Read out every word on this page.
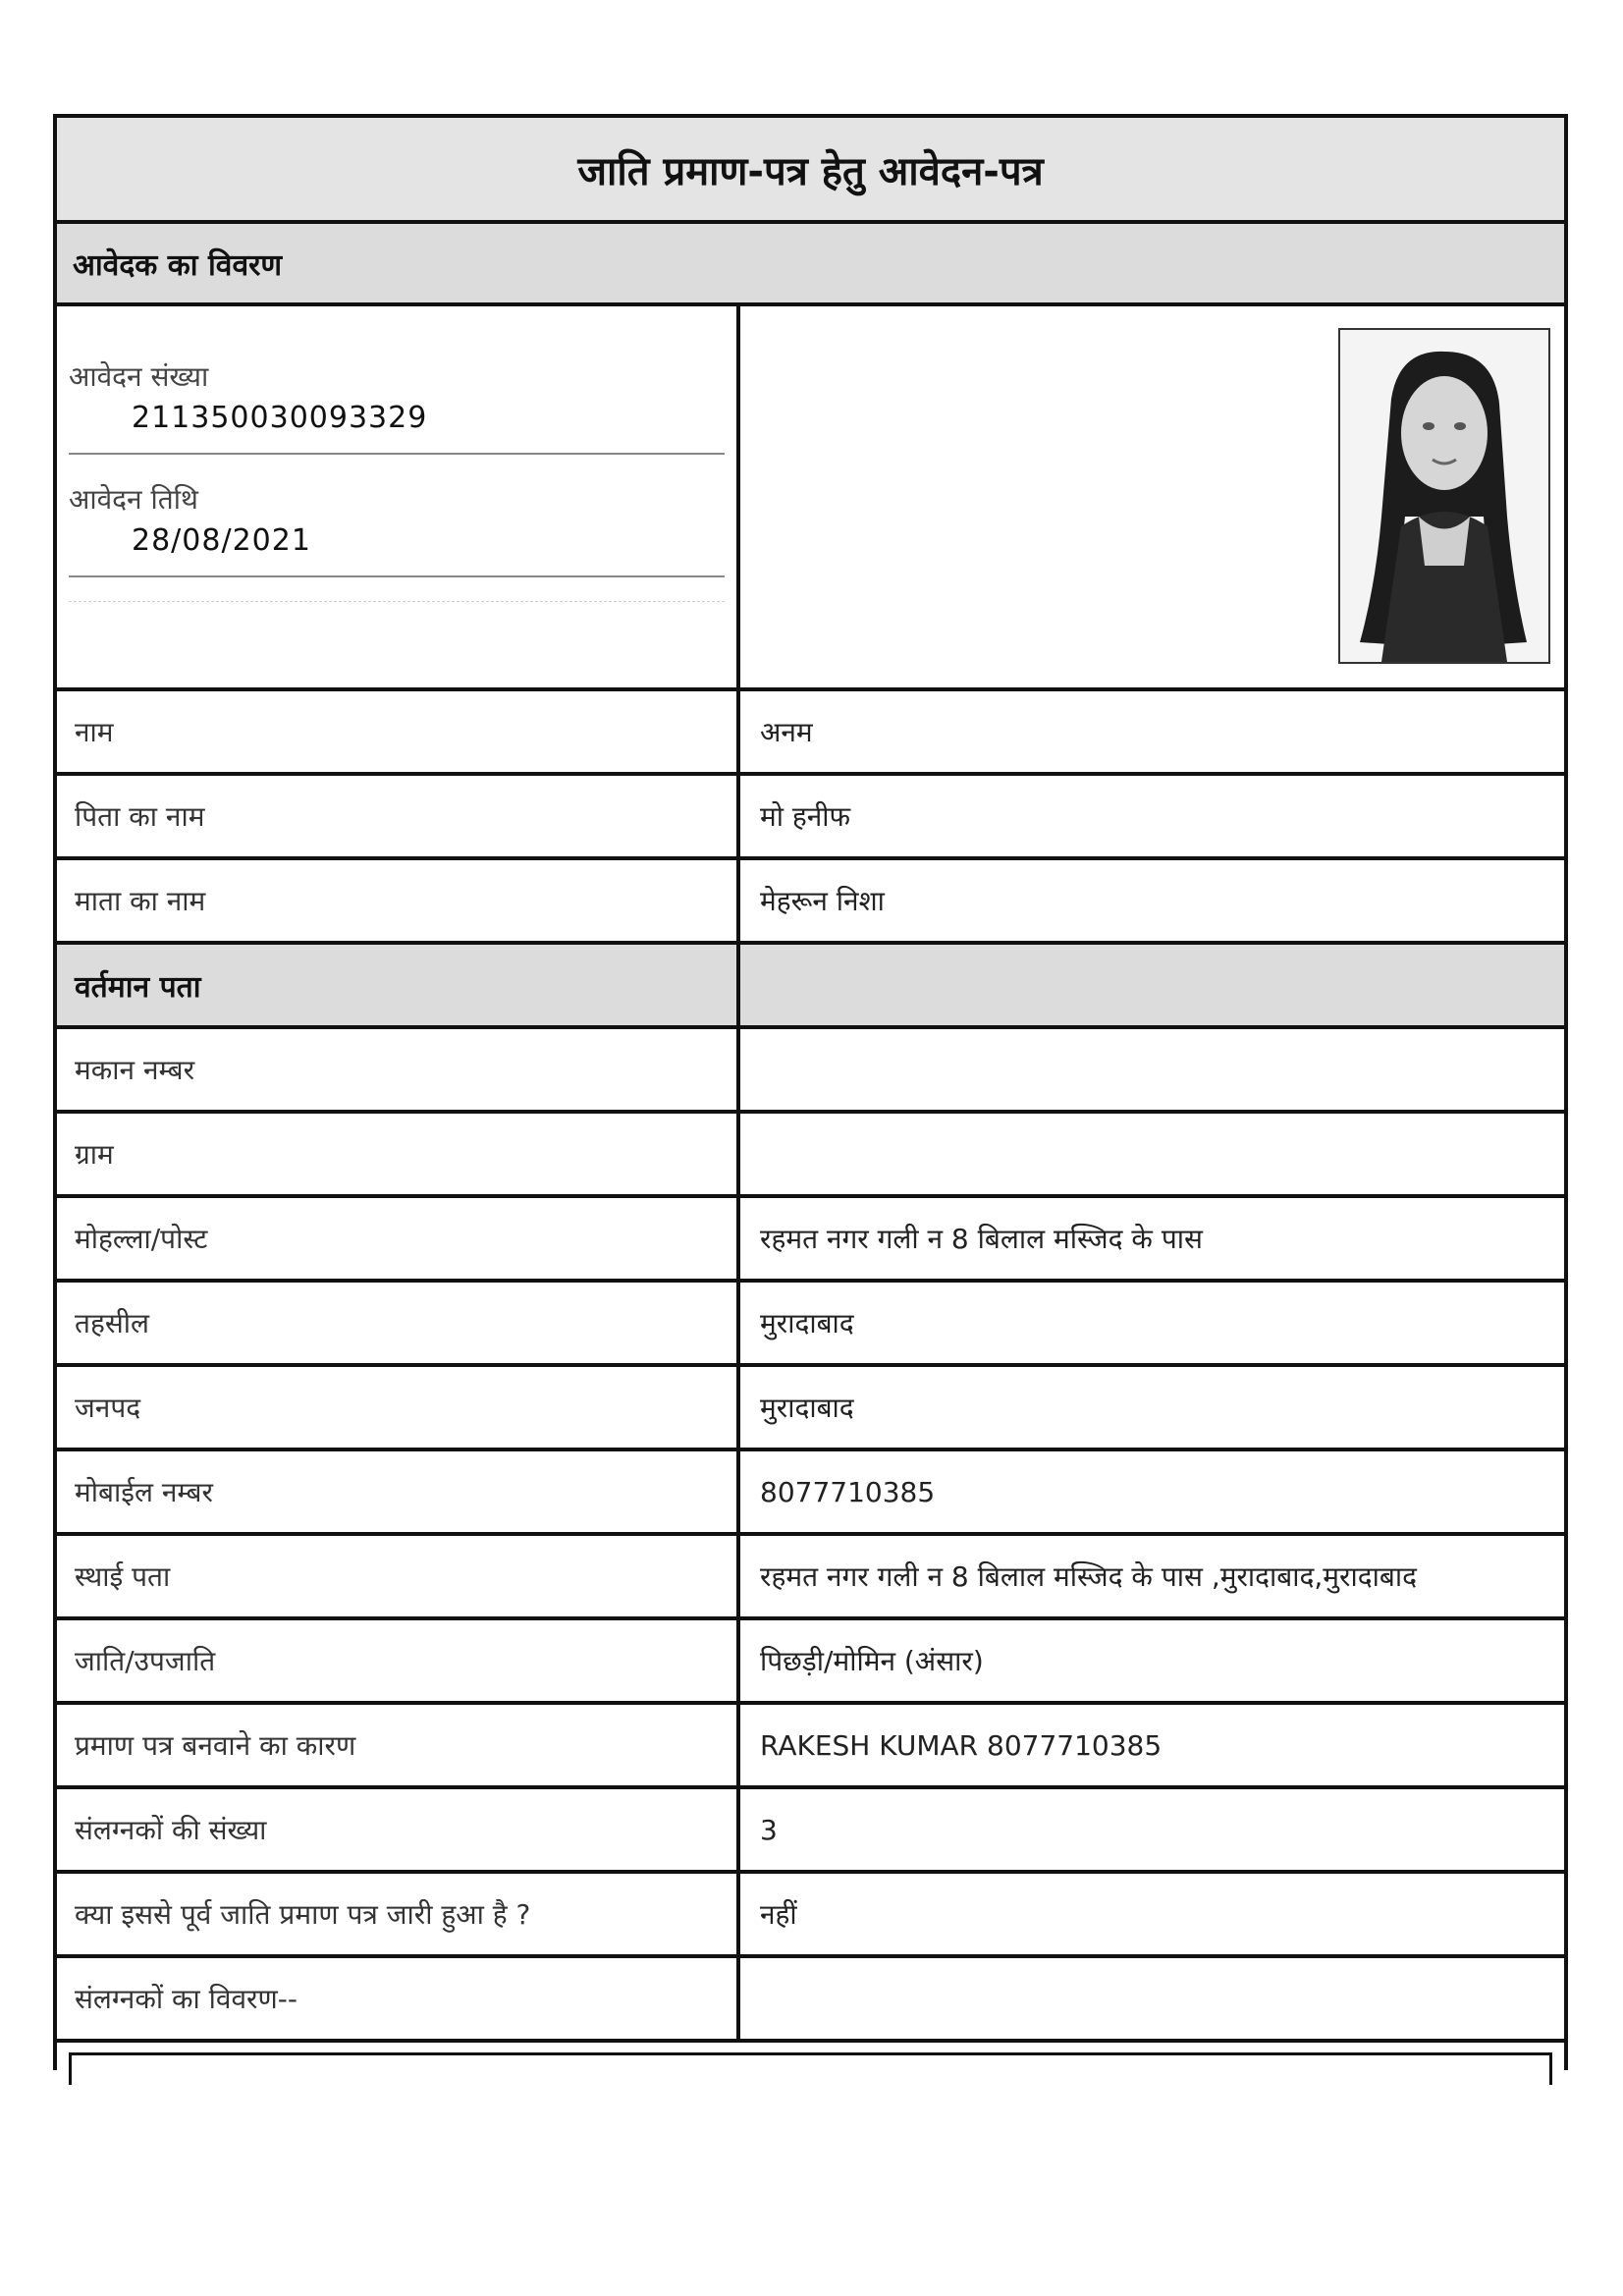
जाति प्रमाण-पत्र हेतु आवेदन-पत्र
आवेदक का विवरण
आवेदन संख्या
211350030093329
आवेदन तिथि
28/08/2021
नाम	अनम
पिता का नाम	मो हनीफ
माता का नाम	मेहरून निशा
वर्तमान पता
मकान नम्बर
ग्राम
मोहल्ला/पोस्ट	रहमत नगर गली न 8 बिलाल मस्जिद के पास
तहसील	मुरादाबाद
जनपद	मुरादाबाद
मोबाईल नम्बर	8077710385
स्थाई पता	रहमत नगर गली न 8 बिलाल मस्जिद के पास ,मुरादाबाद,मुरादाबाद
जाति/उपजाति	पिछड़ी/मोमिन (अंसार)
प्रमाण पत्र बनवाने का कारण	RAKESH KUMAR 8077710385
संलग्नकों की संख्या	3
क्या इससे पूर्व जाति प्रमाण पत्र जारी हुआ है ?	नहीं
संलग्नकों का विवरण--
